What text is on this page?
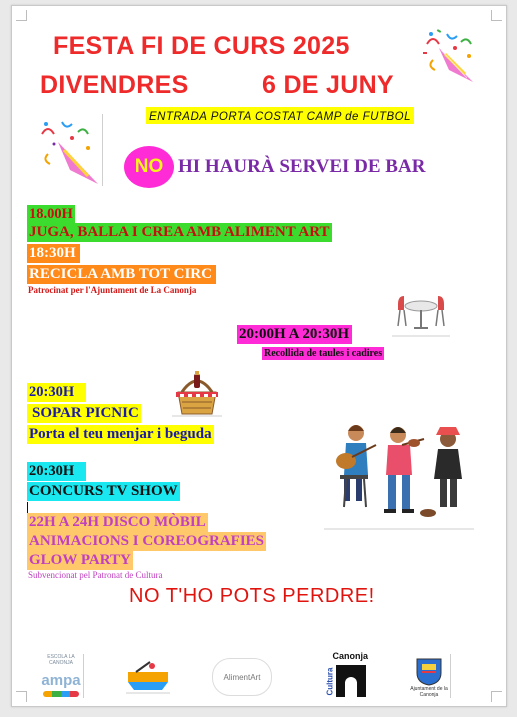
FESTA FI DE CURS 2025
DIVENDRES	6 DE JUNY
ENTRADA PORTA COSTAT CAMP de FUTBOL
NO HI HAURÀ SERVEI DE BAR
18.00H
JUGA, BALLA I CREA AMB ALIMENT ART
18:30H
RECICLA AMB TOT CIRC
Patrocinat per l'Ajuntament de La Canonja
20:00H A 20:30H
Recollida de taules i cadires
20:30H
SOPAR PICNIC
Porta el teu menjar i beguda
20:30H
CONCURS TV SHOW
22H A 24H DISCO MÒBIL
ANIMACIONS I COREOGRAFIES
GLOW PARTY
Subvencionat pel Patronat de Cultura
NO T'HO POTS PERDRE!
ESCOLA LA CANONJA
ampa	AlimentArt
Canonja
Cultura	Ajuntament de la Canonja
